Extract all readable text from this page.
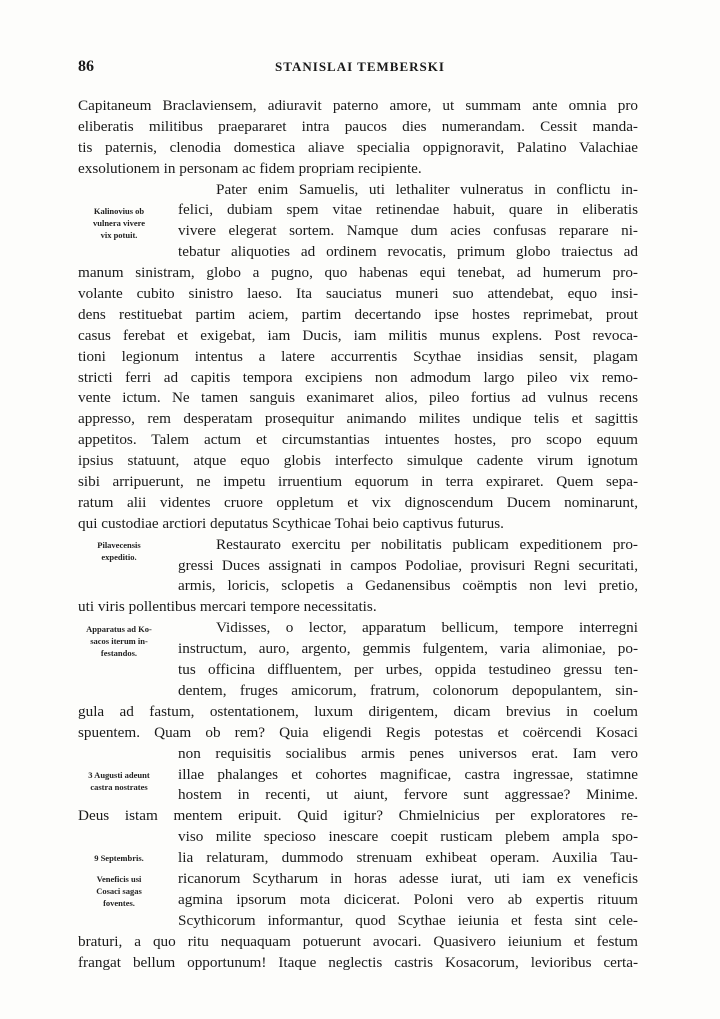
86	STANISLAI TEMBERSKI
Capitaneum Braclaviensem, adiuravit paterno amore, ut summam ante omnia pro
eliberatis militibus praepararet intra paucos dies numerandam. Cessit manda-
tis paternis, clenodia domestica aliave specialia oppignoravit, Palatino Valachiae
exsolutionem in personam ac fidem propriam recipiente.
Pater enim Samuelis, uti lethaliter vulneratus in conflictu in-
felici, dubiam spem vitae retinendae habuit, quare in eliberatis
vivere elegerat sortem. Namque dum acies confusas reparare ni-
tebatur aliquoties ad ordinem revocatis, primum globo traiectus ad
manum sinistram, globo a pugno, quo habenas equi tenebat, ad humerum pro-
volante cubito sinistro laeso. Ita sauciatus muneri suo attendebat, equo insi-
dens restituebat partim aciem, partim decertando ipse hostes reprimebat, prout
casus ferebat et exigebat, iam Ducis, iam militis munus explens. Post revoca-
tioni legionum intentus a latere accurrentis Scythae insidias sensit, plagam
stricti ferri ad capitis tempora excipiens non admodum largo pileo vix remo-
vente ictum. Ne tamen sanguis exanimaret alios, pileo fortius ad vulnus recens
appresso, rem desperatam prosequitur animando milites undique telis et sagittis
appetitos. Talem actum et circumstantias intuentes hostes, pro scopo equum
ipsius statuunt, atque equo globis interfecto simulque cadente virum ignotum
sibi arripuerunt, ne impetu irruentium equorum in terra expiraret. Quem sepa-
ratum alii videntes cruore oppletum et vix dignoscendum Ducem nominarunt,
qui custodiae arctiori deputatus Scythicae Tohai beio captivus futurus.
Restaurato exercitu per nobilitatis publicam expeditionem pro-
gressi Duces assignati in campos Podoliae, provisuri Regni securitati,
armis, loricis, sclopetis a Gedanensibus coëmptis non levi pretio,
uti viris pollentibus mercari tempore necessitatis.
Vidisses, o lector, apparatum bellicum, tempore interregni
instructum, auro, argento, gemmis fulgentem, varia alimoniae, po-
tus officina diffluentem, per urbes, oppida testudineo gressu ten-
dentem, fruges amicorum, fratrum, colonorum depopulantem, sin-
gula ad fastum, ostentationem, luxum dirigentem, dicam brevius in coelum
spuentem. Quam ob rem? Quia eligendi Regis potestas et coërcendi Kosaci
non requisitis socialibus armis penes universos erat. Iam vero
illae phalanges et cohortes magnificae, castra ingressae, statimne
hostem in recenti, ut aiunt, fervore sunt aggressae? Minime.
Deus istam mentem eripuit. Quid igitur? Chmielnicius per exploratores re-
viso milite specioso inescare coepit rusticam plebem ampla spo-
lia relaturam, dummodo strenuam exhibeat operam. Auxilia Tau-
ricanorum Scytharum in horas adesse iurat, uti iam ex veneficis
agmina ipsorum mota dicicerat. Poloni vero ab expertis rituum
Scythicorum informantur, quod Scythae ieiunia et festa sint cele-
braturi, a quo ritu nequaquam potuerunt avocari. Quasivero ieiunium et festum
frangat bellum opportunum! Itaque neglectis castris Kosacorum, levioribus certa-
Kalinovius ob
vulnera vivere
vix potuit.
Pilavecensis
expeditio.
Apparatus ad Ko-
sacos iterum in-
festandos.
3 Augusti adeunt
castra nostrates
9 Septembris.
Veneficis usi
Cosaci sagas
foventes.
